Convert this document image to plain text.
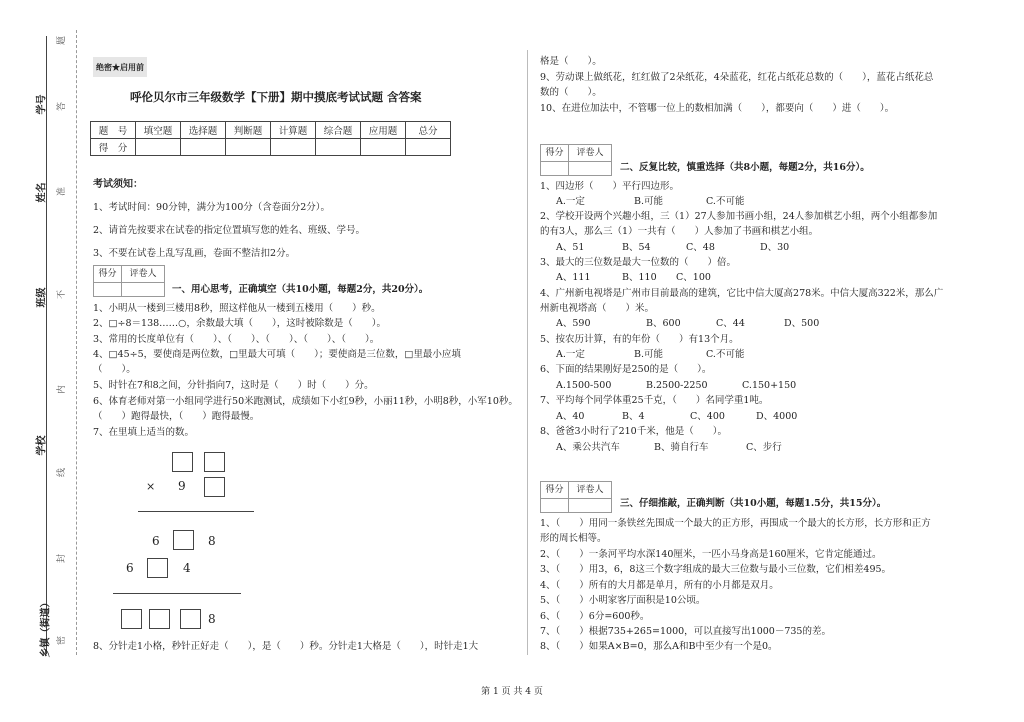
学号
姓名
班级
学校
乡镇（街道）
题
答
准
不
内
线
封
密
绝密★启用前
呼伦贝尔市三年级数学【下册】期中摸底考试试题 含答案
题　号	填空题	选择题	判断题	计算题	综合题	应用题	总分
得　分							
考试须知：
1、考试时间：90分钟，满分为100分（含卷面分2分）。
2、请首先按要求在试卷的指定位置填写您的姓名、班级、学号。
3、不要在试卷上乱写乱画，卷面不整洁扣2分。
得分	评卷人
一、用心思考，正确填空（共10小题，每题2分，共20分）。
1、小明从一楼到三楼用8秒，照这样他从一楼到五楼用（　　）秒。
2、□÷8＝138……○，余数最大填（　　），这时被除数是（　　）。
3、常用的长度单位有（　　）、（　　）、（　　）、（　　）、（　　）。
4、□45÷5，要使商是两位数，□里最大可填（　　）；要使商是三位数，□里最小应填
（　　）。
5、时针在7和8之间，分针指向7，这时是（　　）时（　　）分。
6、体育老师对第一小组同学进行50米跑测试，成绩如下小红9秒，小丽11秒，小明8秒，小军10秒。
（　　）跑得最快，（　　）跑得最慢。
7、在里填上适当的数。
× 9
6	8
6	4
8
8、分针走1小格，秒针正好走（　　），是（　　）秒。分针走1大格是（　　），时针走1大
格是（　　）。
9、劳动课上做纸花，红红做了2朵纸花，4朵蓝花，红花占纸花总数的（　　），蓝花占纸花总
数的（　　）。
10、在进位加法中，不管哪一位上的数相加满（　　），都要向（　　）进（　　）。
得分	评卷人
二、反复比较，慎重选择（共8小题，每题2分，共16分）。
1、四边形（　　）平行四边形。
A.一定	B.可能	C.不可能
2、学校开设两个兴趣小组，三（1）27人参加书画小组，24人参加棋艺小组，两个小组都参加
的有3人，那么三（1）一共有（　　）人参加了书画和棋艺小组。
A、51	B、54	C、48	D、30
3、最大的三位数是最大一位数的（　　）倍。
A、111	B、110 C、100
4、广州新电视塔是广州市目前最高的建筑，它比中信大厦高278米。中信大厦高322米，那么广
州新电视塔高（　　）米。
A、590	B、600	C、44	D、500
5、按农历计算，有的年份（　　）有13个月。
A.一定	B.可能	C.不可能
6、下面的结果刚好是250的是（　　）。
A.1500-500	B.2500-2250	C.150+150
7、平均每个同学体重25千克，（　　）名同学重1吨。
A、40	B、4	C、400	D、4000
8、爸爸3小时行了210千米，他是（　　）。
A、乘公共汽车	B、骑自行车	C、步行
得分	评卷人
三、仔细推敲，正确判断（共10小题，每题1.5分，共15分）。
1、（　　）用同一条铁丝先围成一个最大的正方形，再围成一个最大的长方形，长方形和正方
形的周长相等。
2、（　　）一条河平均水深140厘米，一匹小马身高是160厘米，它肯定能通过。
3、（　　）用3，6，8这三个数字组成的最大三位数与最小三位数，它们相差495。
4、（　　）所有的大月都是单月，所有的小月都是双月。
5、（　　）小明家客厅面积是10公顷。
6、（　　）6分=600秒。
7、（　　）根据735+265=1000，可以直接写出1000－735的差。
8、（　　）如果A×B=0，那么A和B中至少有一个是0。
第 1 页 共 4 页
